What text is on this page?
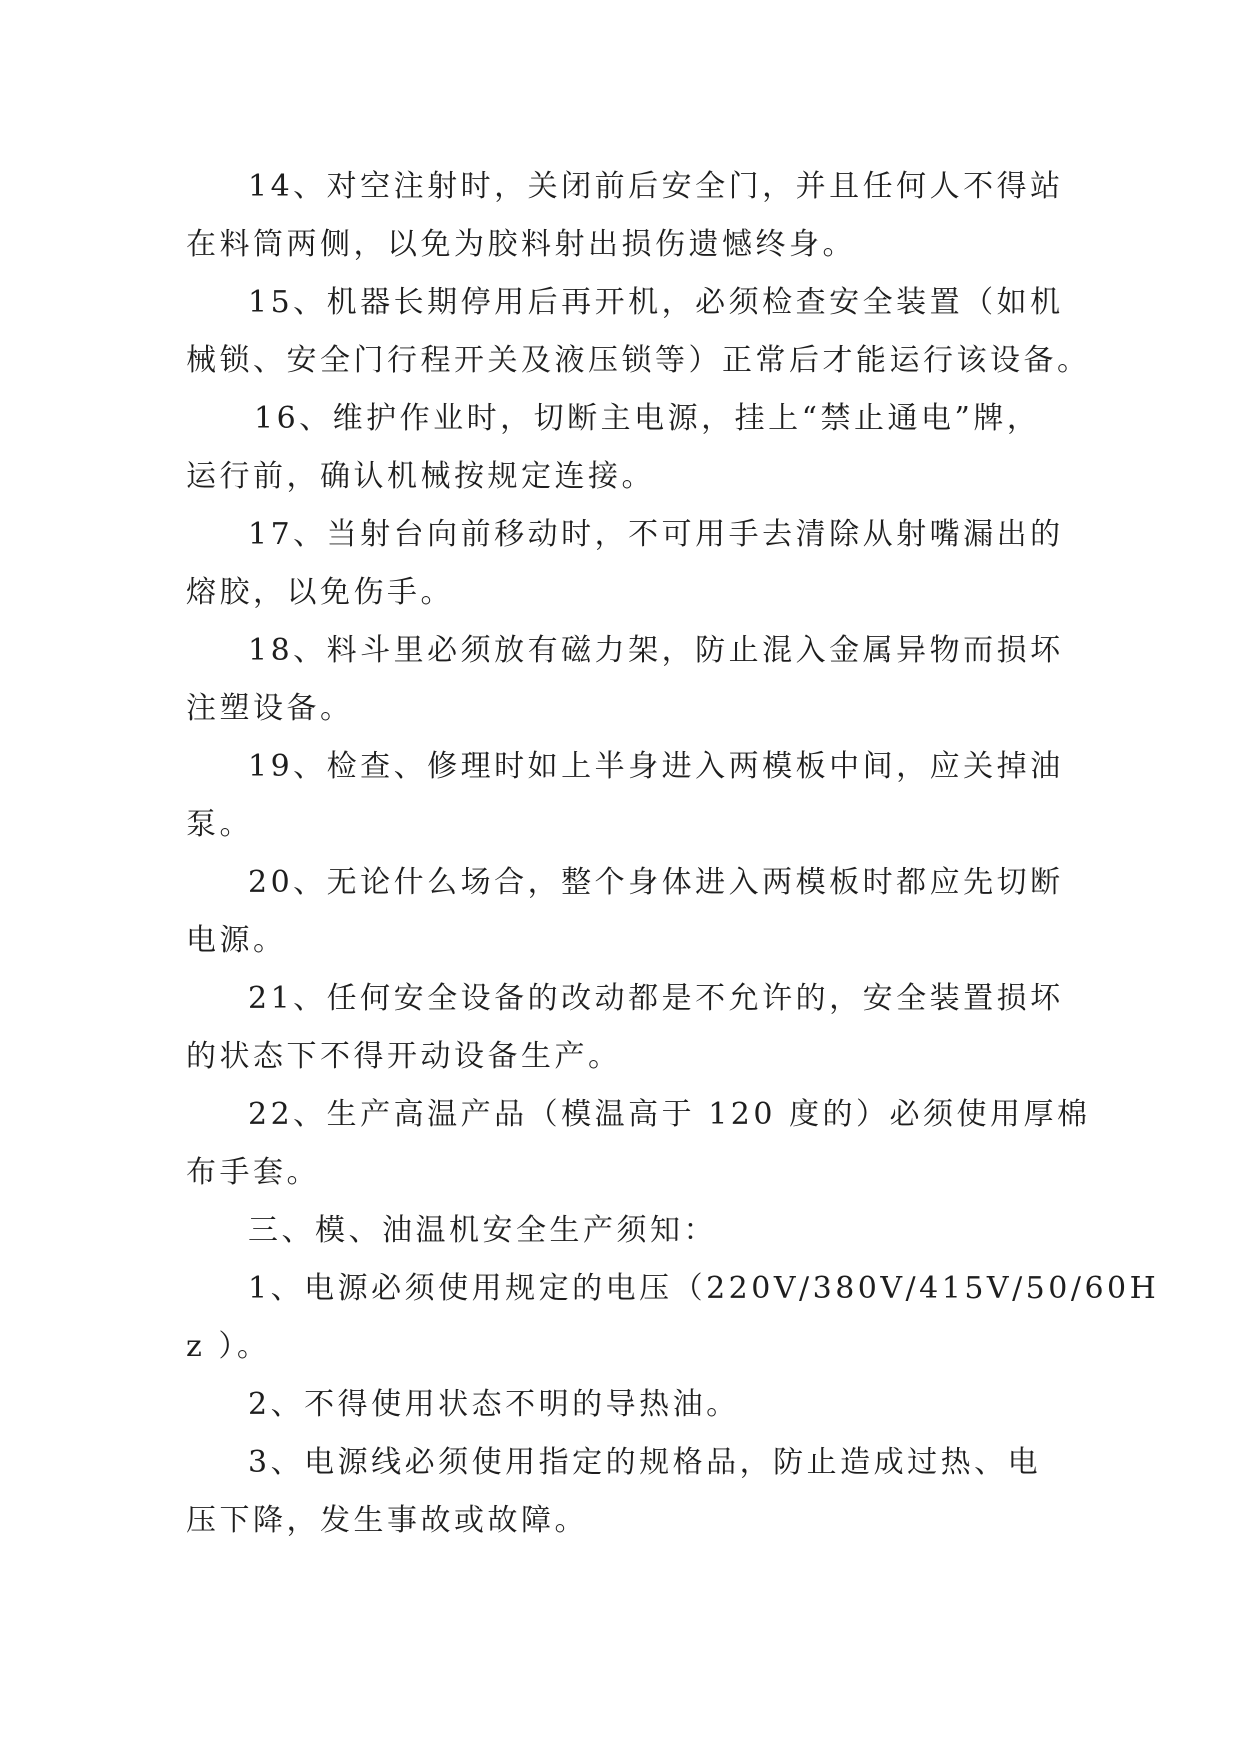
14、对空注射时，关闭前后安全门，并且任何人不得站
在料筒两侧，以免为胶料射出损伤遗憾终身。

15、机器长期停用后再开机，必须检查安全装置（如机
械锁、安全门行程开关及液压锁等）正常后才能运行该设备。

16、维护作业时，切断主电源，挂上“禁止通电”牌，
运行前，确认机械按规定连接。

17、当射台向前移动时，不可用手去清除从射嘴漏出的
熔胶，以免伤手。

18、料斗里必须放有磁力架，防止混入金属异物而损坏
注塑设备。

19、检查、修理时如上半身进入两模板中间，应关掉油
泵。

20、无论什么场合，整个身体进入两模板时都应先切断
电源。

21、任何安全设备的改动都是不允许的，安全装置损坏
的状态下不得开动设备生产。

22、生产高温产品（模温高于 120 度的）必须使用厚棉
布手套。

三、模、油温机安全生产须知：

1、电源必须使用规定的电压（220V/380V/415V/50/60H
z ）。

2、不得使用状态不明的导热油。

3、电源线必须使用指定的规格品，防止造成过热、电
压下降，发生事故或故障。
